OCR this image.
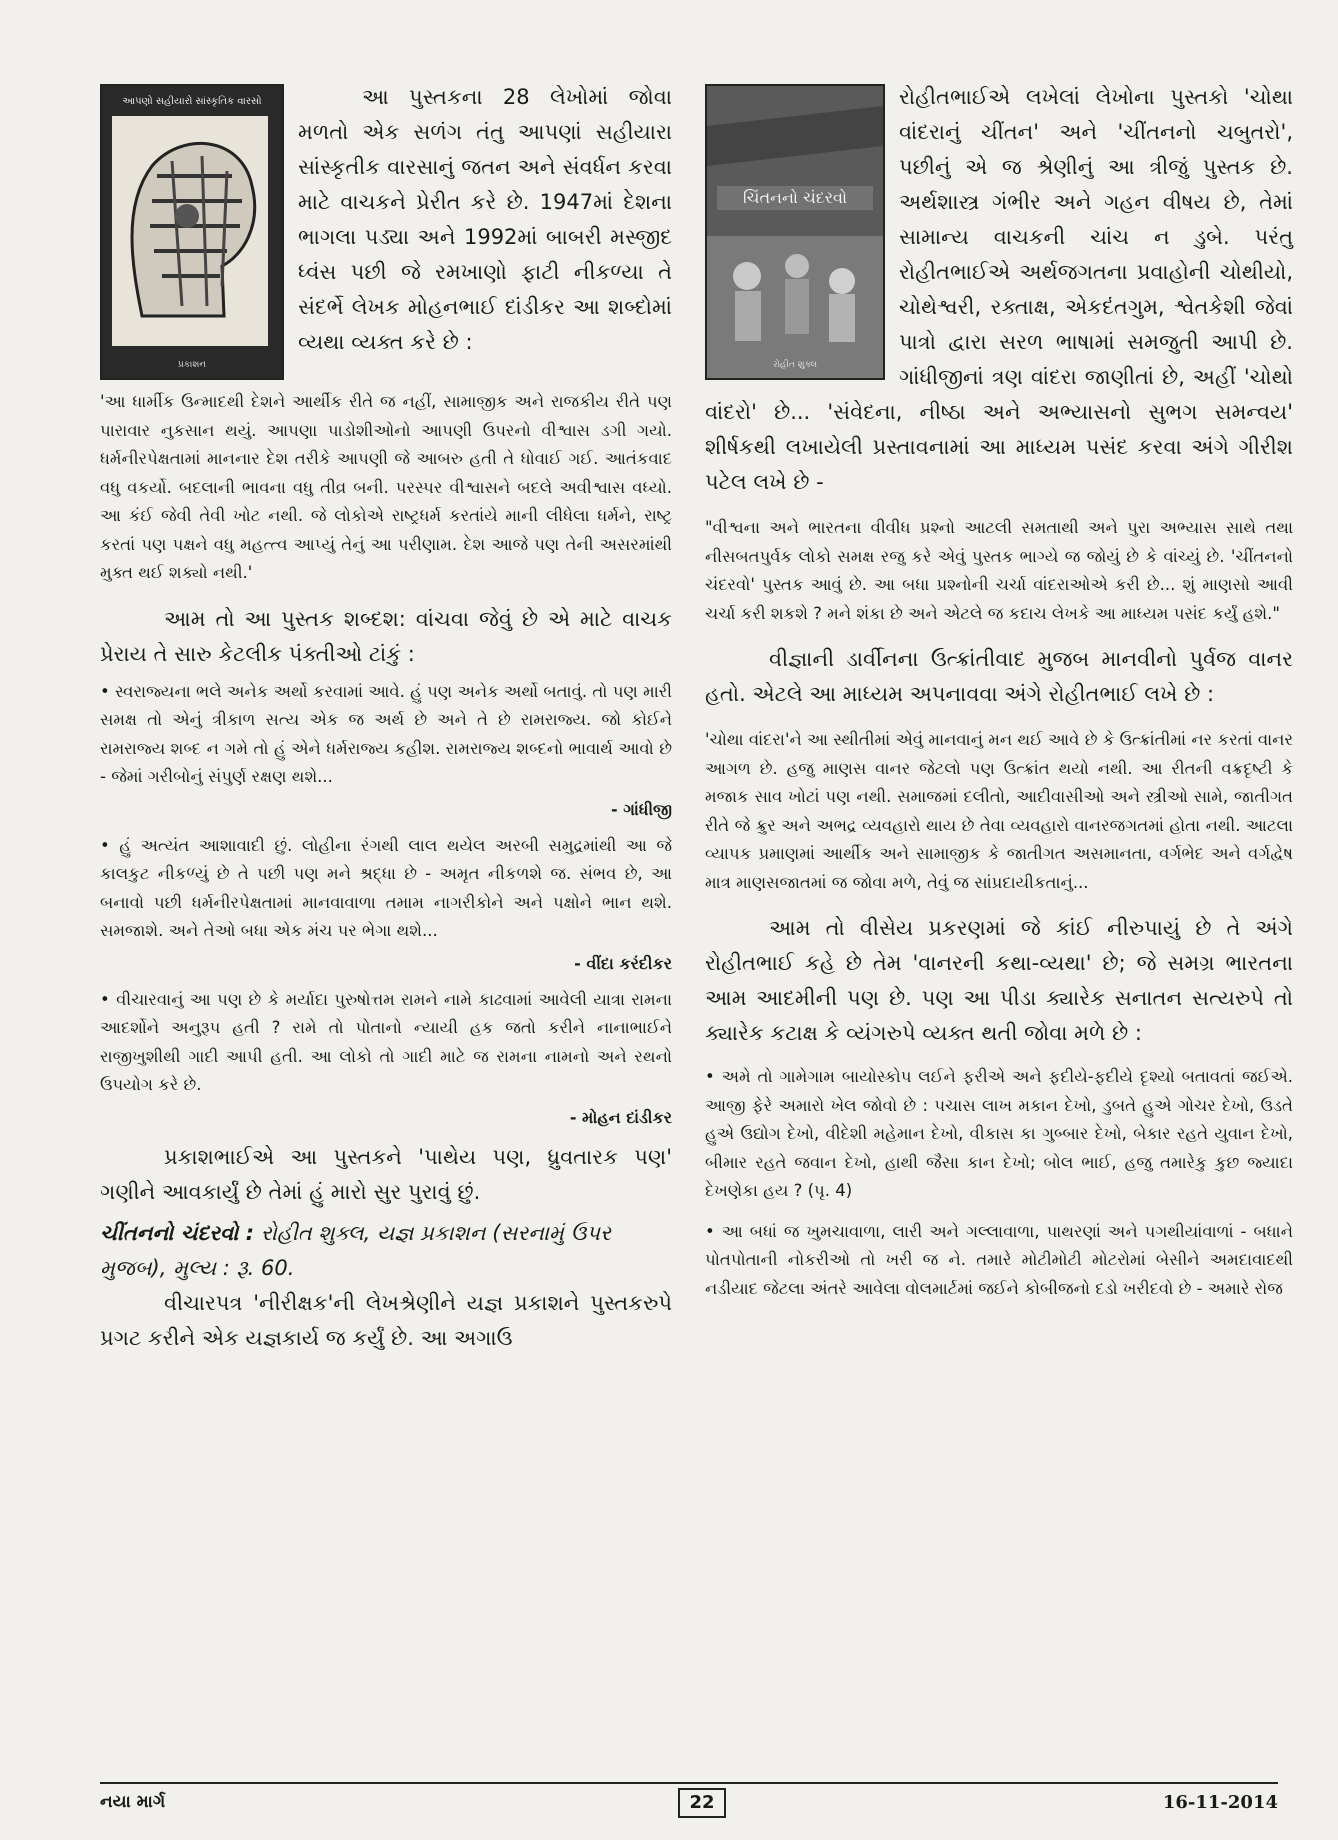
આપણો સહીયારો સાંસ્કૃતિક વારસો
પ્રકાશન

આ પુસ્તકના 28 લેખોમાં જોવા મળતો એક સળંગ તંતુ આપણાં સહીયારા સાંસ્કૃતીક વારસાનું જતન અને સંવર્ધન કરવા માટે વાચકને પ્રેરીત કરે છે. 1947માં દેશના ભાગલા પડ્યા અને 1992માં બાબરી મસ્જીદ ધ્વંસ પછી જે રમખાણો ફાટી નીકળ્યા તે સંદર્ભે લેખક મોહનભાઈ દાંડીકર આ શબ્દોમાં વ્યથા વ્યક્ત કરે છે :

'આ ધાર્મીક ઉન્માદથી દેશને આર્થીક રીતે જ નહીં, સામાજીક અને રાજકીય રીતે પણ પારાવાર નુકસાન થયું. આપણા પાડોશીઓનો આપણી ઉપરનો વીશ્વાસ ડગી ગયો. ધર્મનીરપેક્ષતામાં માનનાર દેશ તરીકે આપણી જે આબરુ હતી તે ધોવાઈ ગઈ. આતંકવાદ વધુ વકર્યો. બદલાની ભાવના વધુ તીવ્ર બની. પરસ્પર વીશ્વાસને બદલે અવીશ્વાસ વધ્યો. આ કંઈ જેવી તેવી ખોટ નથી. જે લોકોએ રાષ્ટ્રધર્મ કરતાંયે માની લીધેલા ધર્મને, રાષ્ટ્ર કરતાં પણ પક્ષને વધુ મહત્ત્વ આપ્યું તેનું આ પરીણામ. દેશ આજે પણ તેની અસરમાંથી મુક્ત થઈ શક્યો નથી.'

આમ તો આ પુસ્તક શબ્દશ: વાંચવા જેવું છે એ માટે વાચક પ્રેરાય તે સારુ કેટલીક પંક્તીઓ ટાંકું :

• સ્વરાજ્યના ભલે અનેક અર્થો કરવામાં આવે. હું પણ અનેક અર્થો બતાવું. તો પણ મારી સમક્ષ તો એનું ત્રીકાળ સત્ય એક જ અર્થ છે અને તે છે રામરાજ્ય. જો કોઈને રામરાજ્ય શબ્દ ન ગમે તો હું એને ધર્મરાજ્ય કહીશ. રામરાજ્ય શબ્દનો ભાવાર્થ આવો છે - જેમાં ગરીબોનું સંપુર્ણ રક્ષણ થશે...

- ગાંધીજી

• હું અત્યંત આશાવાદી છું. લોહીના રંગથી લાલ થયેલ અરબી સમુદ્રમાંથી આ જે કાલકુટ નીકળ્યું છે તે પછી પણ મને શ્રદ્ધા છે - અમૃત નીકળશે જ. સંભવ છે, આ બનાવો પછી ધર્મનીરપેક્ષતામાં માનવાવાળા તમામ નાગરીકોને અને પક્ષોને ભાન થશે. સમજાશે. અને તેઓ બધા એક મંચ પર ભેગા થશે...

- વીંદા કરંદીકર

• વીચારવાનું આ પણ છે કે મર્યાદા પુરુષોત્તમ રામને નામે કાઢવામાં આવેલી યાત્રા રામના આદર્શોને અનુરૂપ હતી ? રામે તો પોતાનો ન્યાયી હક જતો કરીને નાનાભાઈને રાજીખુશીથી ગાદી આપી હતી. આ લોકો તો ગાદી માટે જ રામના નામનો અને રથનો ઉપયોગ કરે છે.

- મોહન દાંડીકર

પ્રકાશભાઈએ આ પુસ્તકને 'પાથેય પણ, ધ્રુવતારક પણ' ગણીને આવકાર્યું છે તેમાં હું મારો સુર પુરાવું છું.

ચીંતનનો ચંદરવો : રોહીત શુક્લ, યજ્ઞ પ્રકાશન (સરનામું ઉપર મુજબ), મુલ્ય : રૂ. 60.

વીચારપત્ર 'નીરીક્ષક'ની લેખશ્રેણીને યજ્ઞ પ્રકાશને પુસ્તકરુપે પ્રગટ કરીને એક યજ્ઞકાર્ય જ કર્યું છે. આ અગાઉ

ચિંતનનો ચંદરવો
રોહીત શુક્લ

રોહીતભાઈએ લખેલાં લેખોના પુસ્તકો 'ચોથા વાંદરાનું ચીંતન' અને 'ચીંતનનો ચબુતરો', પછીનું એ જ શ્રેણીનું આ ત્રીજું પુસ્તક છે. અર્થશાસ્ત્ર ગંભીર અને ગહન વીષય છે, તેમાં સામાન્ય વાચકની ચાંચ ન ડુબે. પરંતુ રોહીતભાઈએ અર્થજગતના પ્રવાહોની ચોથીયો, ચોથેશ્વરી, રક્તાક્ષ, એકદંતગુમ, શ્વેતકેશી જેવાં પાત્રો દ્વારા સરળ ભાષામાં સમજુતી આપી છે. ગાંધીજીનાં ત્રણ વાંદરા જાણીતાં છે, અહીં 'ચોથો વાંદરો' છે... 'સંવેદના, નીષ્ઠા અને અભ્યાસનો સુભગ સમન્વય' શીર્ષકથી લખાયેલી પ્રસ્તાવનામાં આ માધ્યમ પસંદ કરવા અંગે ગીરીશ પટેલ લખે છે -

"વીશ્વના અને ભારતના વીવીધ પ્રશ્નો આટલી સમતાથી અને પુરા અભ્યાસ સાથે તથા નીસબતપુર્વક લોકો સમક્ષ રજુ કરે એવું પુસ્તક ભાગ્યે જ જોયું છે કે વાંચ્યું છે. 'ચીંતનનો ચંદરવો' પુસ્તક આવું છે. આ બધા પ્રશ્નોની ચર્ચા વાંદરાઓએ કરી છે... શું માણસો આવી ચર્ચા કરી શકશે ? મને શંકા છે અને એટલે જ કદાચ લેખકે આ માધ્યમ પસંદ કર્યું હશે."

વીજ્ઞાની ડાર્વીનના ઉત્ક્રાંતીવાદ મુજબ માનવીનો પુર્વજ વાનર હતો. એટલે આ માધ્યમ અપનાવવા અંગે રોહીતભાઈ લખે છે :

'ચોથા વાંદરા'ને આ સ્થીતીમાં એવું માનવાનું મન થઈ આવે છે કે ઉત્ક્રાંતીમાં નર કરતાં વાનર આગળ છે. હજુ માણસ વાનર જેટલો પણ ઉત્ક્રાંત થયો નથી. આ રીતની વક્રદૃષ્ટી કે મજાક સાવ ખોટાં પણ નથી. સમાજમાં દલીતો, આદીવાસીઓ અને સ્ત્રીઓ સામે, જાતીગત રીતે જે ક્રુર અને અભદ્ર વ્યવહારો થાય છે તેવા વ્યવહારો વાનરજગતમાં હોતા નથી. આટલા વ્યાપક પ્રમાણમાં આર્થીક અને સામાજીક કે જાતીગત અસમાનતા, વર્ગભેદ અને વર્ગદ્વેષ માત્ર માણસજાતમાં જ જોવા મળે, તેવું જ સાંપ્રદાયીકતાનું...

આમ તો વીસેય પ્રકરણમાં જે કાંઈ નીરુપાયું છે તે અંગે રોહીતભાઈ કહે છે તેમ 'વાનરની કથા-વ્યથા' છે; જે સમગ્ર ભારતના આમ આદમીની પણ છે. પણ આ પીડા ક્યારેક સનાતન સત્યરુપે તો ક્યારેક કટાક્ષ કે વ્યંગરુપે વ્યક્ત થતી જોવા મળે છે :

• અમે તો ગામેગામ બાયોસ્કોપ લઈને ફરીએ અને ફદીયે-ફદીયે દૃશ્યો બતાવતાં જઈએ. આજી ફેરે અમારો ખેલ જોવો છે : પચાસ લાખ મકાન દેખો, ડુબતે હુએ ગોચર દેખો, ઉડતે હુએ ઉદ્યોગ દેખો, વીદેશી મહેમાન દેખો, વીકાસ કા ગુબ્બાર દેખો, બેકાર રહતે યુવાન દેખો, બીમાર રહતે જવાન દેખો, હાથી જૈસા કાન દેખો; બોલ ભાઈ, હજુ તમારેકુ કુછ જ્યાદા દેખણેકા હય ? (પૃ. 4)

• આ બધાં જ ખુમચાવાળા, લારી અને ગલ્લાવાળા, પાથરણાં અને પગથીયાંવાળાં - બધાને પોતપોતાની નોકરીઓ તો ખરી જ ને. તમારે મોટીમોટી મોટરોમાં બેસીને અમદાવાદથી નડીયાદ જેટલા અંતરે આવેલા વોલમાર્ટમાં જઈને કોબીજનો દડો ખરીદવો છે - અમારે રોજ

નયા માર્ગ	22	16-11-2014
